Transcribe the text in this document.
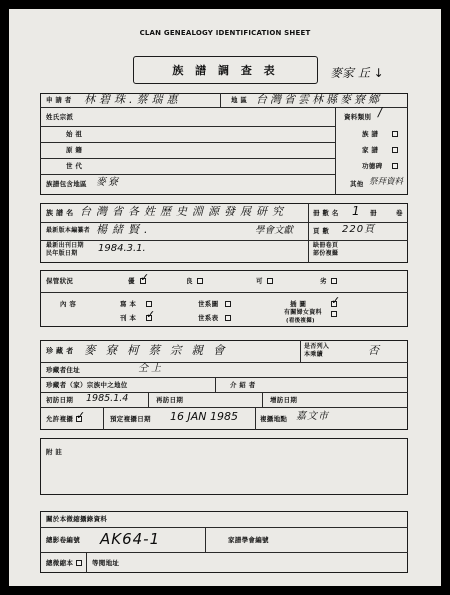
CLAN GENEALOGY IDENTIFICATION SHEET
族 譜 調 查 表	麥家 丘 ↓
申 請 者 林碧珠.蔡瑞惠	地 區 台灣省雲林縣麥寮鄉
姓氏宗派
始 祖
原 籍
世 代
族譜包含地區 麥寮
資料類別 /
族 譜
家 譜
功德碑
其他 祭拜資料
族 譜 名 台灣省各姓歷史淵源發展研究	冊 數 名 1 冊	卷
最新版本編纂者 楊緒賢.	學會文獻	頁 數 220頁
最新出刊日期
民年版日期 1984.3.1.	缺冊卷頁
部份複攝
保管狀況	優 ✓	良	可	劣
內 容	寫 本	世系圖	插 圖
✓
刊 本 ✓	世系表
有關婦女資料
(看後複攝)
珍 藏 者 麥寮柯蔡宗親會	是否列入
本乘續	否
珍藏者住址	仝上
珍藏者（家）宗族中之地位	介 紹 者
初訪日期 1985.1.4	再訪日期	增訪日期
允許複攝 ✓	預定複攝日期 16 JAN 1985	複攝地點 嘉文市
附 註
關於本微縮攝錄資料
總影卷編號 AK64-1	家譜學會編號
總微縮本	等閱地址
